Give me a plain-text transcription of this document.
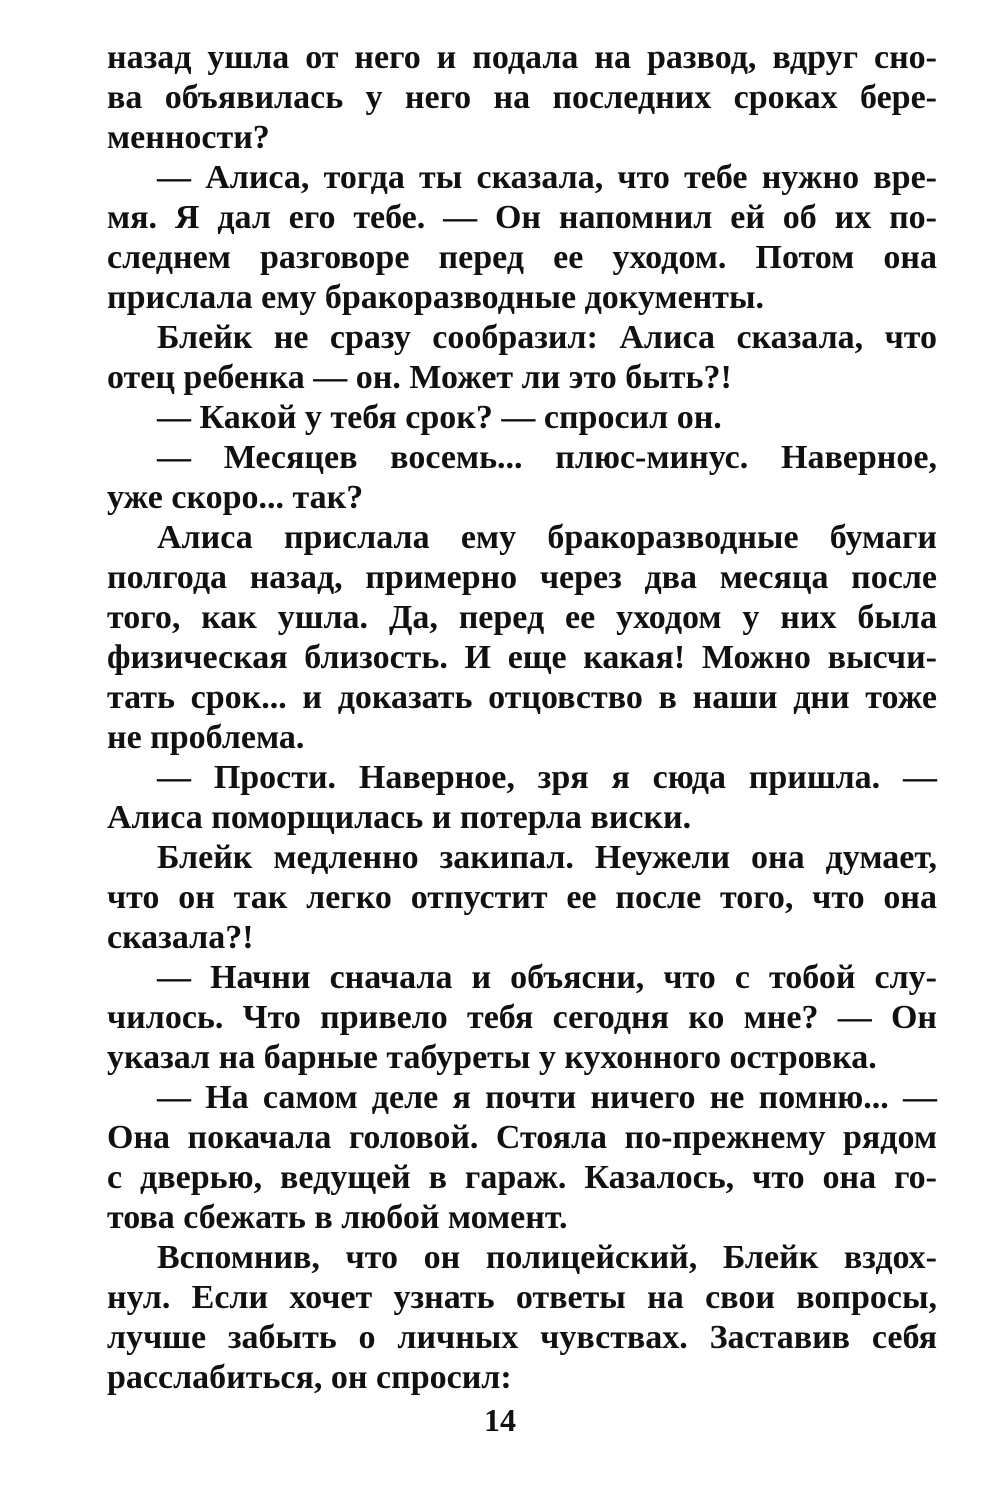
назад ушла от него и подала на развод, вдруг сно-
ва объявилась у него на последних сроках бере-
менности?
— Алиса, тогда ты сказала, что тебе нужно вре-
мя. Я дал его тебе. — Он напомнил ей об их по-
следнем разговоре перед ее уходом. Потом она
прислала ему бракоразводные документы.
Блейк не сразу сообразил: Алиса сказала, что
отец ребенка — он. Может ли это быть?!
— Какой у тебя срок? — спросил он.
— Месяцев восемь... плюс-минус. Наверное,
уже скоро... так?
Алиса прислала ему бракоразводные бумаги
полгода назад, примерно через два месяца после
того, как ушла. Да, перед ее уходом у них была
физическая близость. И еще какая! Можно высчи-
тать срок... и доказать отцовство в наши дни тоже
не проблема.
— Прости. Наверное, зря я сюда пришла. —
Алиса поморщилась и потерла виски.
Блейк медленно закипал. Неужели она думает,
что он так легко отпустит ее после того, что она
сказала?!
— Начни сначала и объясни, что с тобой слу-
чилось. Что привело тебя сегодня ко мне? — Он
указал на барные табуреты у кухонного островка.
— На самом деле я почти ничего не помню... —
Она покачала головой. Стояла по-прежнему рядом
с дверью, ведущей в гараж. Казалось, что она го-
това сбежать в любой момент.
Вспомнив, что он полицейский, Блейк вздох-
нул. Если хочет узнать ответы на свои вопросы,
лучше забыть о личных чувствах. Заставив себя
расслабиться, он спросил:
14
